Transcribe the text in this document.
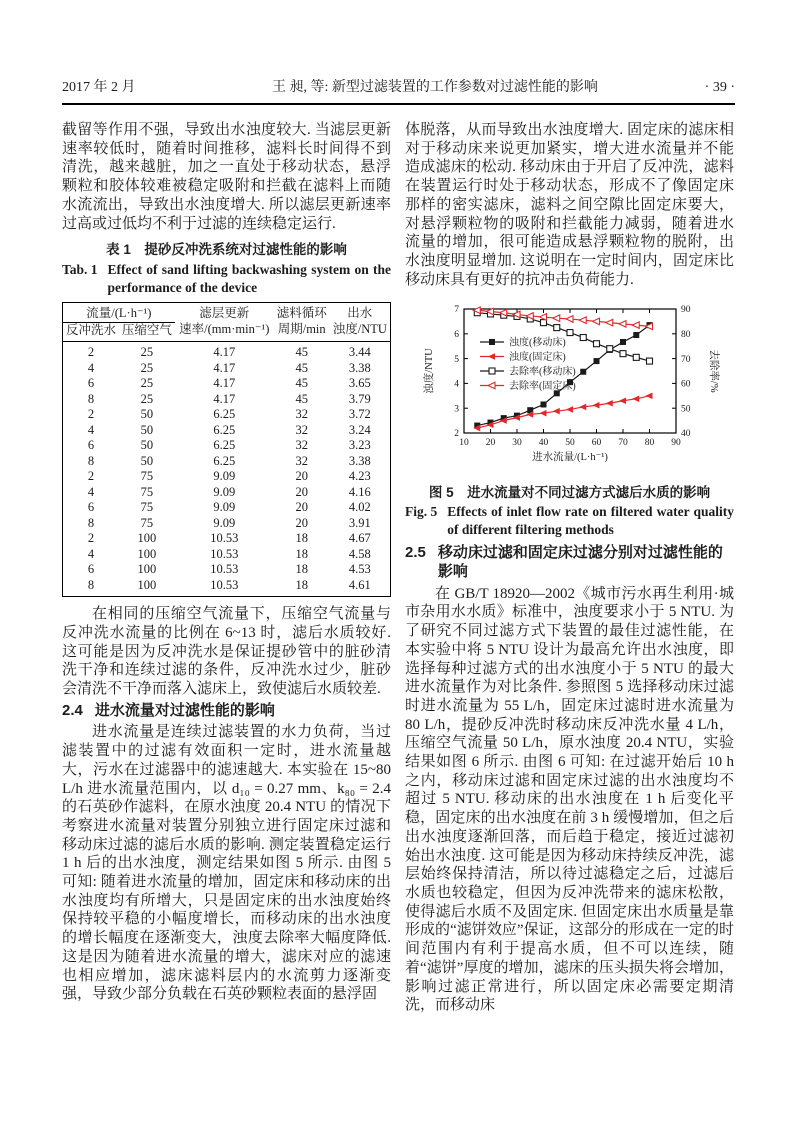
2017 年 2 月	王 昶, 等: 新型过滤装置的工作参数对过滤性能的影响	· 39 ·

截留等作用不强，导致出水浊度较大. 当滤层更新速率较低时，随着时间推移，滤料长时间得不到清洗，越来越脏，加之一直处于移动状态，悬浮颗粒和胶体较难被稳定吸附和拦截在滤料上而随水流流出，导致出水浊度增大. 所以滤层更新速率过高或过低均不利于过滤的连续稳定运行.

表 1　提砂反冲洗系统对过滤性能的影响
Tab. 1 Effect of sand lifting backwashing system on the performance of the device
流量/(L·h⁻¹)		滤层更新	滤料循环	出水
反冲洗水	压缩空气	速率/(mm·min⁻¹)	周期/min	浊度/NTU
2	25	4.17	45	3.44
4	25	4.17	45	3.38
6	25	4.17	45	3.65
8	25	4.17	45	3.79
2	50	6.25	32	3.72
4	50	6.25	32	3.24
6	50	6.25	32	3.23
8	50	6.25	32	3.38
2	75	9.09	20	4.23
4	75	9.09	20	4.16
6	75	9.09	20	4.02
8	75	9.09	20	3.91
2	100	10.53	18	4.67
4	100	10.53	18	4.58
6	100	10.53	18	4.53
8	100	10.53	18	4.61

在相同的压缩空气流量下，压缩空气流量与反冲洗水流量的比例在 6~13 时，滤后水质较好. 这可能是因为反冲洗水是保证提砂管中的脏砂清洗干净和连续过滤的条件，反冲洗水过少，脏砂会清洗不干净而落入滤床上，致使滤后水质较差.

2.4 进水流量对过滤性能的影响

进水流量是连续过滤装置的水力负荷，当过滤装置中的过滤有效面积一定时，进水流量越大，污水在过滤器中的滤速越大. 本实验在 15~80 L/h 进水流量范围内，以 d₁₀ = 0.27 mm、k₈₀ = 2.4 的石英砂作滤料，在原水浊度 20.4 NTU 的情况下考察进水流量对装置分别独立进行固定床过滤和移动床过滤的滤后水质的影响. 测定装置稳定运行 1 h 后的出水浊度，测定结果如图 5 所示. 由图 5 可知: 随着进水流量的增加，固定床和移动床的出水浊度均有所增大，只是固定床的出水浊度始终保持较平稳的小幅度增长，而移动床的出水浊度的增长幅度在逐渐变大，浊度去除率大幅度降低. 这是因为随着进水流量的增大，滤床对应的滤速也相应增加，滤床滤料层内的水流剪力逐渐变强，导致少部分负载在石英砂颗粒表面的悬浮固

体脱落，从而导致出水浊度增大. 固定床的滤床相对于移动床来说更加紧实，增大进水流量并不能造成滤床的松动. 移动床由于开启了反冲洗，滤料在装置运行时处于移动状态，形成不了像固定床那样的密实滤床，滤料之间空隙比固定床要大，对悬浮颗粒物的吸附和拦截能力减弱，随着进水流量的增加，很可能造成悬浮颗粒物的脱附，出水浊度明显增加. 这说明在一定时间内，固定床比移动床具有更好的抗冲击负荷能力.

10 20 30 40 50 60 70 80 90
2
3
4
5
6
7
40
50
60
70
80
90
进水流量/(L·h⁻¹)
浊度/NTU	去除率/%
浊度(移动床)
浊度(固定床)
去除率(移动床)
去除率(固定床)
图 5　进水流量对不同过滤方式滤后水质的影响
Fig. 5 Effects of inlet flow rate on filtered water quality of different filtering methods
2.5 移动床过滤和固定床过滤分别对过滤性能的影响

在 GB/T 18920—2002《城市污水再生利用·城市杂用水水质》标准中，浊度要求小于 5 NTU. 为了研究不同过滤方式下装置的最佳过滤性能，在本实验中将 5 NTU 设计为最高允许出水浊度，即选择每种过滤方式的出水浊度小于 5 NTU 的最大进水流量作为对比条件. 参照图 5 选择移动床过滤时进水流量为 55 L/h，固定床过滤时进水流量为 80 L/h，提砂反冲洗时移动床反冲洗水量 4 L/h，压缩空气流量 50 L/h，原水浊度 20.4 NTU，实验结果如图 6 所示. 由图 6 可知: 在过滤开始后 10 h 之内，移动床过滤和固定床过滤的出水浊度均不超过 5 NTU. 移动床的出水浊度在 1 h 后变化平稳，固定床的出水浊度在前 3 h 缓慢增加，但之后出水浊度逐渐回落，而后趋于稳定，接近过滤初始出水浊度. 这可能是因为移动床持续反冲洗，滤层始终保持清洁，所以待过滤稳定之后，过滤后水质也较稳定，但因为反冲洗带来的滤床松散，使得滤后水质不及固定床. 但固定床出水质量是靠形成的“滤饼效应”保证，这部分的形成在一定的时间范围内有利于提高水质，但不可以连续，随着“滤饼”厚度的增加，滤床的压头损失将会增加，影响过滤正常进行，所以固定床必需要定期清洗，而移动床
